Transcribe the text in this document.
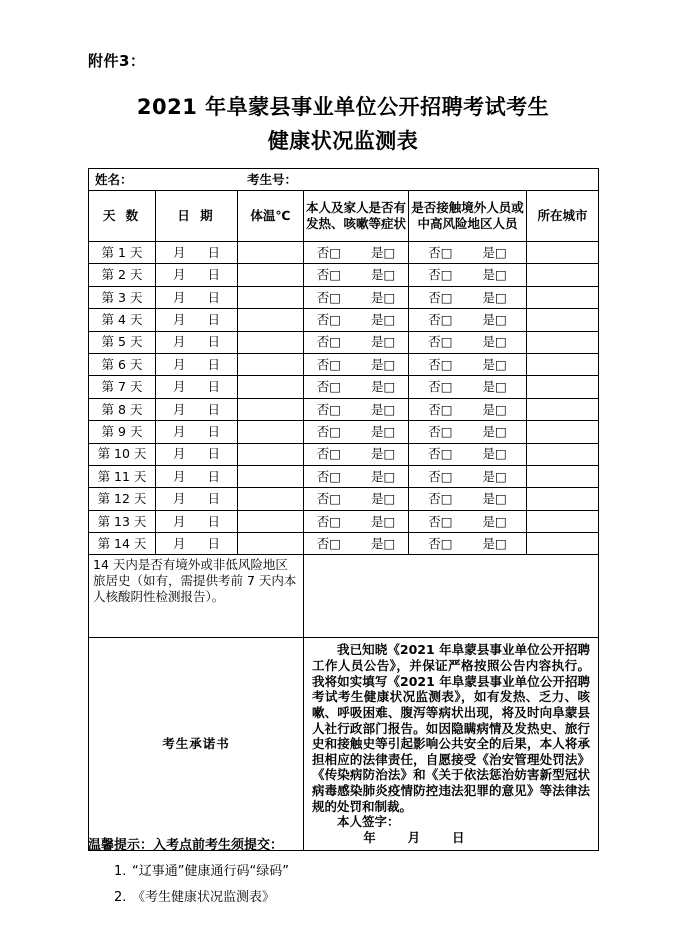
附件3：
2021 年阜蒙县事业单位公开招聘考试考生
健康状况监测表
姓名： 考生号：					

天 数	日 期	体温℃	本人及家人是否有发热、咳嗽等症状	是否接触境外人员或中高风险地区人员	所在城市
第 1 天	月 日		否□ 是□	否□ 是□	

第 2 天	月 日		否□ 是□	否□ 是□	

第 3 天	月 日		否□ 是□	否□ 是□	

第 4 天	月 日		否□ 是□	否□ 是□	

第 5 天	月 日		否□ 是□	否□ 是□	

第 6 天	月 日		否□ 是□	否□ 是□	

第 7 天	月 日		否□ 是□	否□ 是□	

第 8 天	月 日		否□ 是□	否□ 是□	

第 9 天	月 日		否□ 是□	否□ 是□	

第 10 天	月 日		否□ 是□	否□ 是□	

第 11 天	月 日		否□ 是□	否□ 是□	

第 12 天	月 日		否□ 是□	否□ 是□	

第 13 天	月 日		否□ 是□	否□ 是□	

第 14 天	月 日		否□ 是□	否□ 是□	

14 天内是否有境外或非低风险地区旅居史（如有，需提供考前 7 天内本人核酸阴性检测报告）。					
考生承诺书			我已知晓《2021 年阜蒙县事业单位公开招聘工作人员公告》，并保证严格按照公告内容执行。我将如实填写《2021 年阜蒙县事业单位公开招聘考试考生健康状况监测表》，如有发热、乏力、咳嗽、呼吸困难、腹泻等病状出现，将及时向阜蒙县人社行政部门报告。如因隐瞒病情及发热史、旅行史和接触史等引起影响公共安全的后果，本人将承担相应的法律责任，自愿接受《治安管理处罚法》《传染病防治法》和《关于依法惩治妨害新型冠状病毒感染肺炎疫情防控违法犯罪的意见》等法律法规的处罚和制裁。

本人签字：

年 月 日		

温馨提示：入考点前考生须提交：
1. “辽事通”健康通行码“绿码”
2. 《考生健康状况监测表》
